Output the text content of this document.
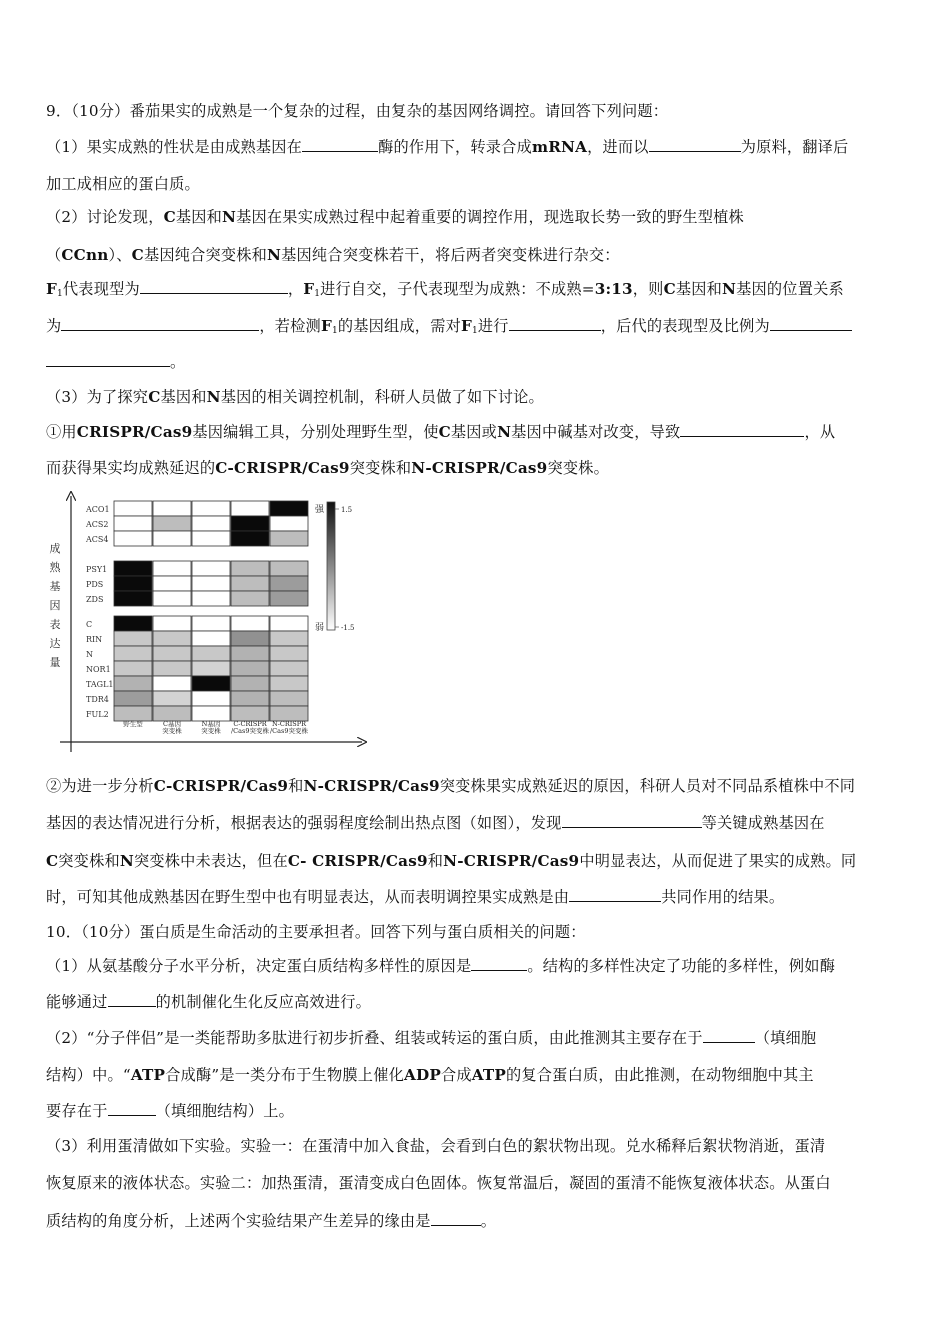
9．（10分）番茄果实的成熟是一个复杂的过程，由复杂的基因网络调控。请回答下列问题：
（1）果实成熟的性状是由成熟基因在	酶的作用下，转录合成mRNA，进而以	为原料，翻译后
加工成相应的蛋白质。
（2）讨论发现，C基因和N基因在果实成熟过程中起着重要的调控作用，现选取长势一致的野生型植株
（CCnn）、C基因纯合突变株和N基因纯合突变株若干，将后两者突变株进行杂交：
$F_1$代表现型为	，$F_1$进行自交，子代表现型为成熟：不成熟=3:13，则C基因和N基因的位置关系
为	，若检测$F_1$的基因组成，需对$F_1$进行	，后代的表现型及比例为
。
（3）为了探究C基因和N基因的相关调控机制，科研人员做了如下讨论。
①用CRISPR/Cas9基因编辑工具，分别处理野生型，使C基因或N基因中碱基对改变，导致	，从
而获得果实均成熟延迟的C-CRISPR/Cas9突变株和N-CRISPR/Cas9突变株。
成
熟
基
因
表
达
量
ACO1
ACS2
ACS4
PSY1
PDS
ZDS
C
RIN
N
NOR1
TAGL1
TDR4
FUL2
野生型	C基因
突变株
N基因
突变株
C-CRISPR
/Cas9突变株
N-CRISPR
/Cas9突变株
强
弱
1.5
-1.5
②为进一步分析C-CRISPR/Cas9和N-CRISPR/Cas9突变株果实成熟延迟的原因，科研人员对不同品系植株中不同
基因的表达情况进行分析，根据表达的强弱程度绘制出热点图（如图），发现	等关键成熟基因在
C突变株和N突变株中未表达，但在C- CRISPR/Cas9和N-CRISPR/Cas9中明显表达，从而促进了果实的成熟。同
时，可知其他成熟基因在野生型中也有明显表达，从而表明调控果实成熟是由	共同作用的结果。
10．（10分）蛋白质是生命活动的主要承担者。回答下列与蛋白质相关的问题：
（1）从氨基酸分子水平分析，决定蛋白质结构多样性的原因是	。结构的多样性决定了功能的多样性，例如酶
能够通过	的机制催化生化反应高效进行。
（2）“分子伴侣”是一类能帮助多肽进行初步折叠、组装或转运的蛋白质，由此推测其主要存在于	（填细胞
结构）中。“ATP合成酶”是一类分布于生物膜上催化ADP合成ATP的复合蛋白质，由此推测，在动物细胞中其主
要存在于	（填细胞结构）上。
（3）利用蛋清做如下实验。实验一：在蛋清中加入食盐，会看到白色的絮状物出现。兑水稀释后絮状物消逝，蛋清
恢复原来的液体状态。实验二：加热蛋清，蛋清变成白色固体。恢复常温后，凝固的蛋清不能恢复液体状态。从蛋白
质结构的角度分析，上述两个实验结果产生差异的缘由是	。
